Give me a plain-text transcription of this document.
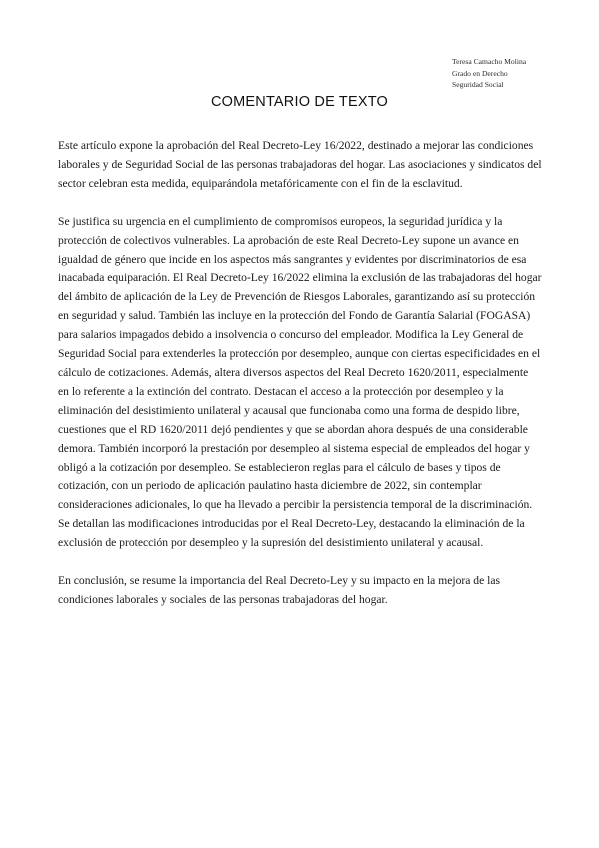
Teresa Camacho Molina
Grado en Derecho
Seguridad Social
COMENTARIO DE TEXTO

Este artículo expone la aprobación del Real Decreto-Ley 16/2022, destinado a mejorar las condiciones laborales y de Seguridad Social de las personas trabajadoras del hogar. Las asociaciones y sindicatos del sector celebran esta medida, equiparándola metafóricamente con el fin de la esclavitud.

Se justifica su urgencia en el cumplimiento de compromisos europeos, la seguridad jurídica y la protección de colectivos vulnerables. La aprobación de este Real Decreto-Ley supone un avance en igualdad de género que incide en los aspectos más sangrantes y evidentes por discriminatorios de esa inacabada equiparación. El Real Decreto-Ley 16/2022 elimina la exclusión de las trabajadoras del hogar del ámbito de aplicación de la Ley de Prevención de Riesgos Laborales, garantizando así su protección en seguridad y salud. También las incluye en la protección del Fondo de Garantía Salarial (FOGASA) para salarios impagados debido a insolvencia o concurso del empleador. Modifica la Ley General de Seguridad Social para extenderles la protección por desempleo, aunque con ciertas especificidades en el cálculo de cotizaciones. Además, altera diversos aspectos del Real Decreto 1620/2011, especialmente en lo referente a la extinción del contrato. Destacan el acceso a la protección por desempleo y la eliminación del desistimiento unilateral y acausal que funcionaba como una forma de despido libre, cuestiones que el RD 1620/2011 dejó pendientes y que se abordan ahora después de una considerable demora. También incorporó la prestación por desempleo al sistema especial de empleados del hogar y obligó a la cotización por desempleo. Se establecieron reglas para el cálculo de bases y tipos de cotización, con un periodo de aplicación paulatino hasta diciembre de 2022, sin contemplar consideraciones adicionales, lo que ha llevado a percibir la persistencia temporal de la discriminación. Se detallan las modificaciones introducidas por el Real Decreto-Ley, destacando la eliminación de la exclusión de protección por desempleo y la supresión del desistimiento unilateral y acausal.

En conclusión, se resume la importancia del Real Decreto-Ley y su impacto en la mejora de las condiciones laborales y sociales de las personas trabajadoras del hogar.
